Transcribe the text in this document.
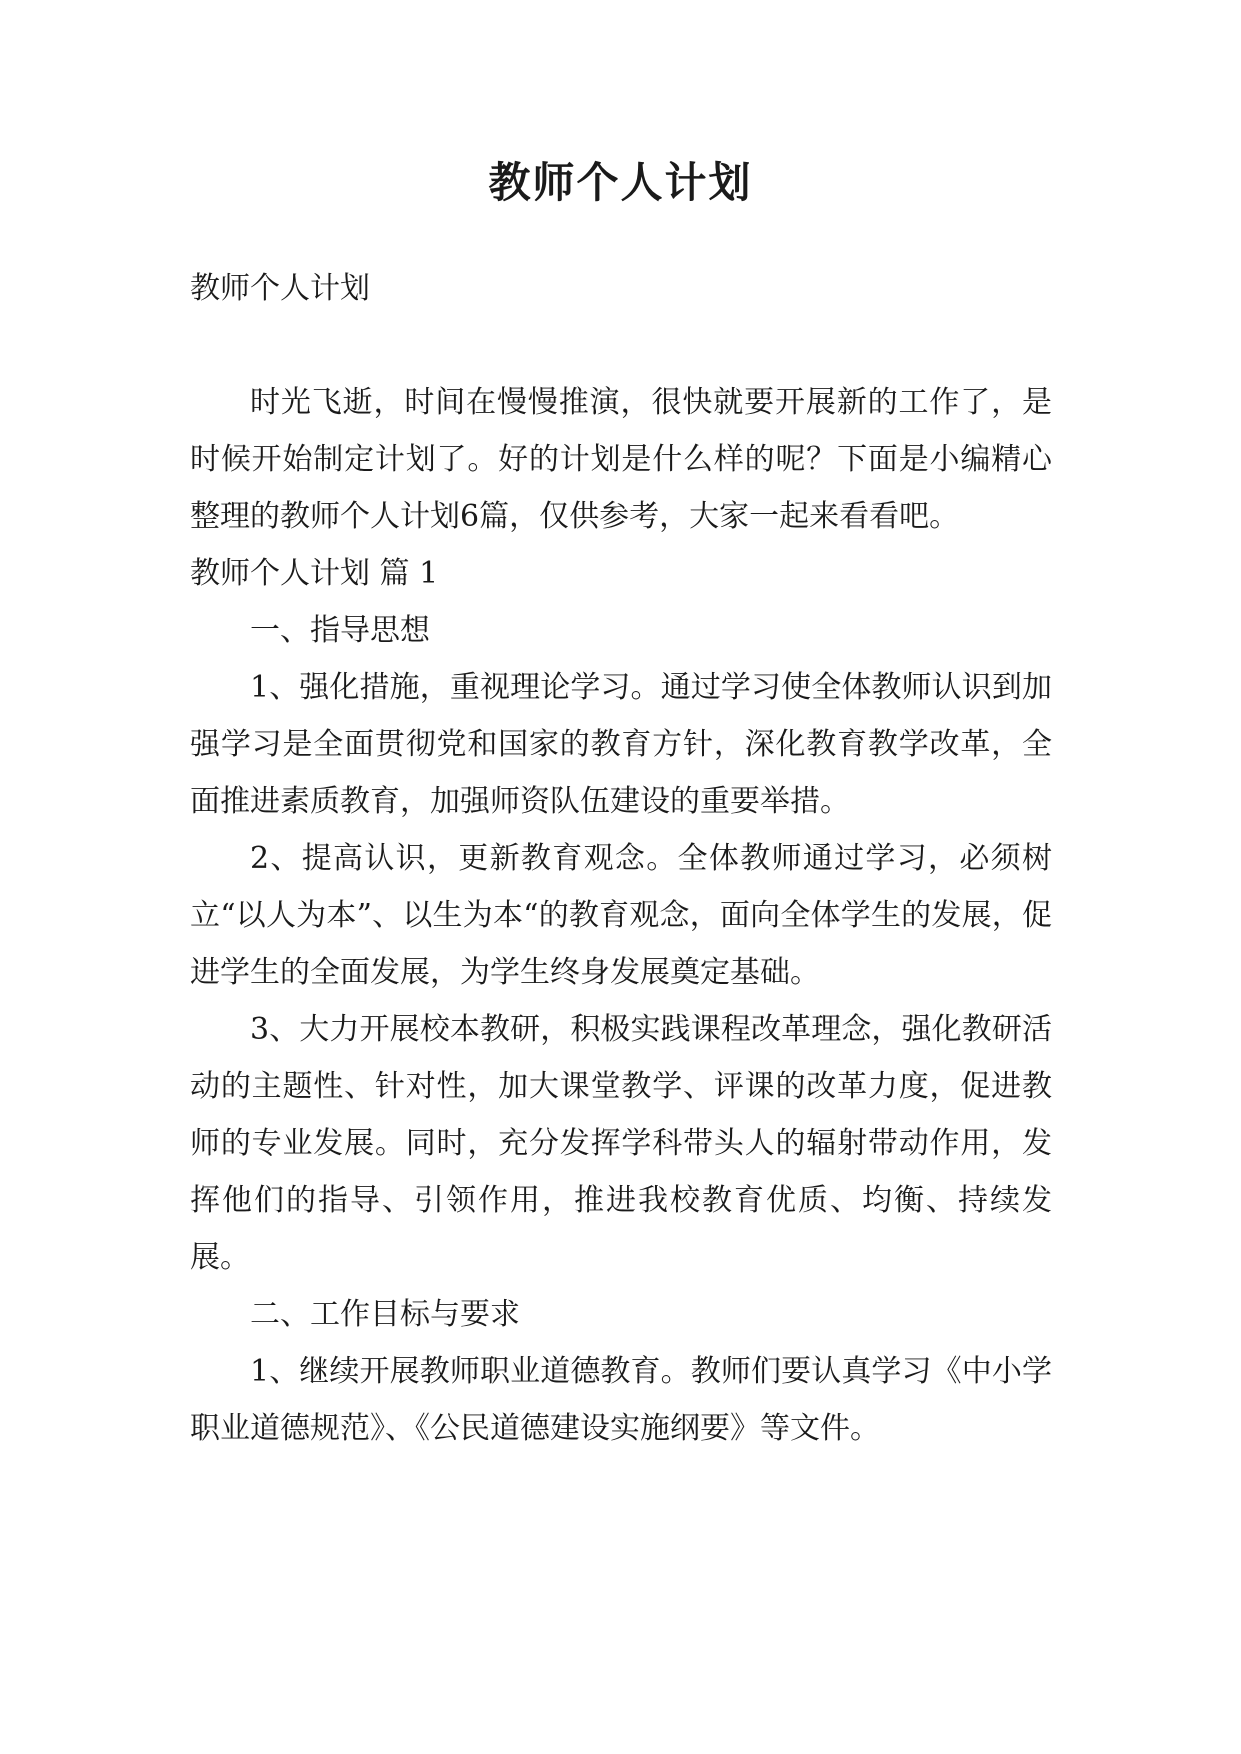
教师个人计划

教师个人计划

时光飞逝，时间在慢慢推演，很快就要开展新的工作了，是时候开始制定计划了。好的计划是什么样的呢？下面是小编精心整理的教师个人计划6篇，仅供参考，大家一起来看看吧。

教师个人计划 篇 1

一、指导思想

1、强化措施，重视理论学习。通过学习使全体教师认识到加强学习是全面贯彻党和国家的教育方针，深化教育教学改革，全面推进素质教育，加强师资队伍建设的重要举措。

2、提高认识，更新教育观念。全体教师通过学习，必须树立“以人为本”、以生为本“的教育观念，面向全体学生的发展，促进学生的全面发展，为学生终身发展奠定基础。

3、大力开展校本教研，积极实践课程改革理念，强化教研活动的主题性、针对性，加大课堂教学、评课的改革力度，促进教师的专业发展。同时，充分发挥学科带头人的辐射带动作用，发挥他们的指导、引领作用，推进我校教育优质、均衡、持续发展。

二、工作目标与要求

1、继续开展教师职业道德教育。教师们要认真学习《中小学职业道德规范》、《公民道德建设实施纲要》等文件。
